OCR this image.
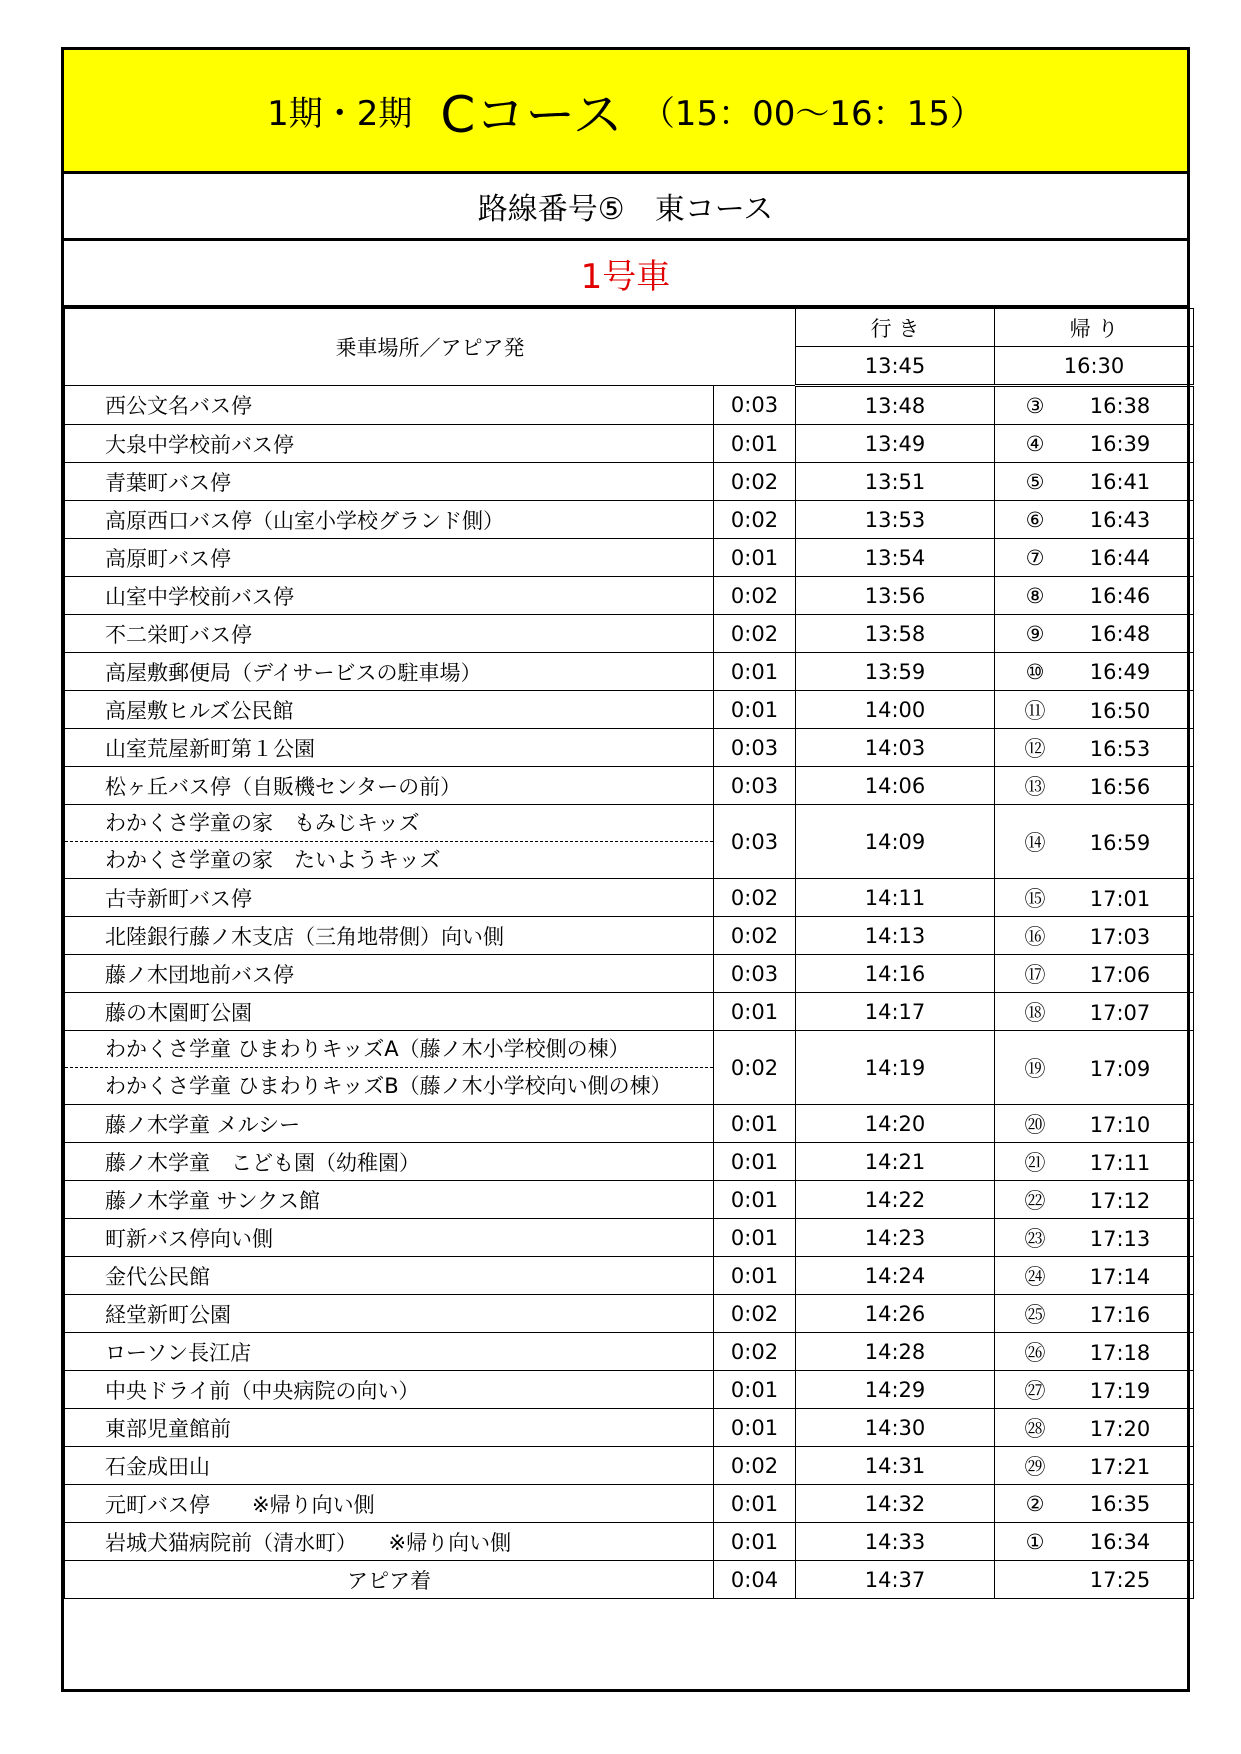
1期・2期 Cコース （15：00～16：15）
路線番号⑤　東コース
1号車
乗車場所／アピア発		行 き	帰 り
		13:45	16:30
西公文名バス停	0:03	13:48	③ 16:38
大泉中学校前バス停	0:01	13:49	④ 16:39
青葉町バス停	0:02	13:51	⑤ 16:41
高原西口バス停（山室小学校グランド側）	0:02	13:53	⑥ 16:43
高原町バス停	0:01	13:54	⑦ 16:44
山室中学校前バス停	0:02	13:56	⑧ 16:46
不二栄町バス停	0:02	13:58	⑨ 16:48
高屋敷郵便局（デイサービスの駐車場）	0:01	13:59	⑩ 16:49
高屋敷ヒルズ公民館	0:01	14:00	⑪ 16:50
山室荒屋新町第１公園	0:03	14:03	⑫ 16:53
松ヶ丘バス停（自販機センターの前）	0:03	14:06	⑬ 16:56

わかくさ学童の家　もみじキッズ
わかくさ学童の家　たいようキッズ	0:03	14:09	⑭ 16:59
古寺新町バス停	0:02	14:11	⑮ 17:01
北陸銀行藤ノ木支店（三角地帯側）向い側	0:02	14:13	⑯ 17:03
藤ノ木団地前バス停	0:03	14:16	⑰ 17:06
藤の木園町公園	0:01	14:17	⑱ 17:07

わかくさ学童 ひまわりキッズA（藤ノ木小学校側の棟）
わかくさ学童 ひまわりキッズB（藤ノ木小学校向い側の棟）	0:02	14:19	⑲ 17:09
藤ノ木学童 メルシー	0:01	14:20	⑳ 17:10
藤ノ木学童　こども園（幼稚園）	0:01	14:21	㉑ 17:11
藤ノ木学童 サンクス館	0:01	14:22	㉒ 17:12
町新バス停向い側	0:01	14:23	㉓ 17:13
金代公民館	0:01	14:24	㉔ 17:14
経堂新町公園	0:02	14:26	㉕ 17:16
ローソン長江店	0:02	14:28	㉖ 17:18
中央ドライ前（中央病院の向い）	0:01	14:29	㉗ 17:19
東部児童館前	0:01	14:30	㉘ 17:20
石金成田山	0:02	14:31	㉙ 17:21
元町バス停　　※帰り向い側	0:01	14:32	② 16:35
岩城犬猫病院前（清水町）　　※帰り向い側	0:01	14:33	① 16:34
アピア着	0:04	14:37	17:25
